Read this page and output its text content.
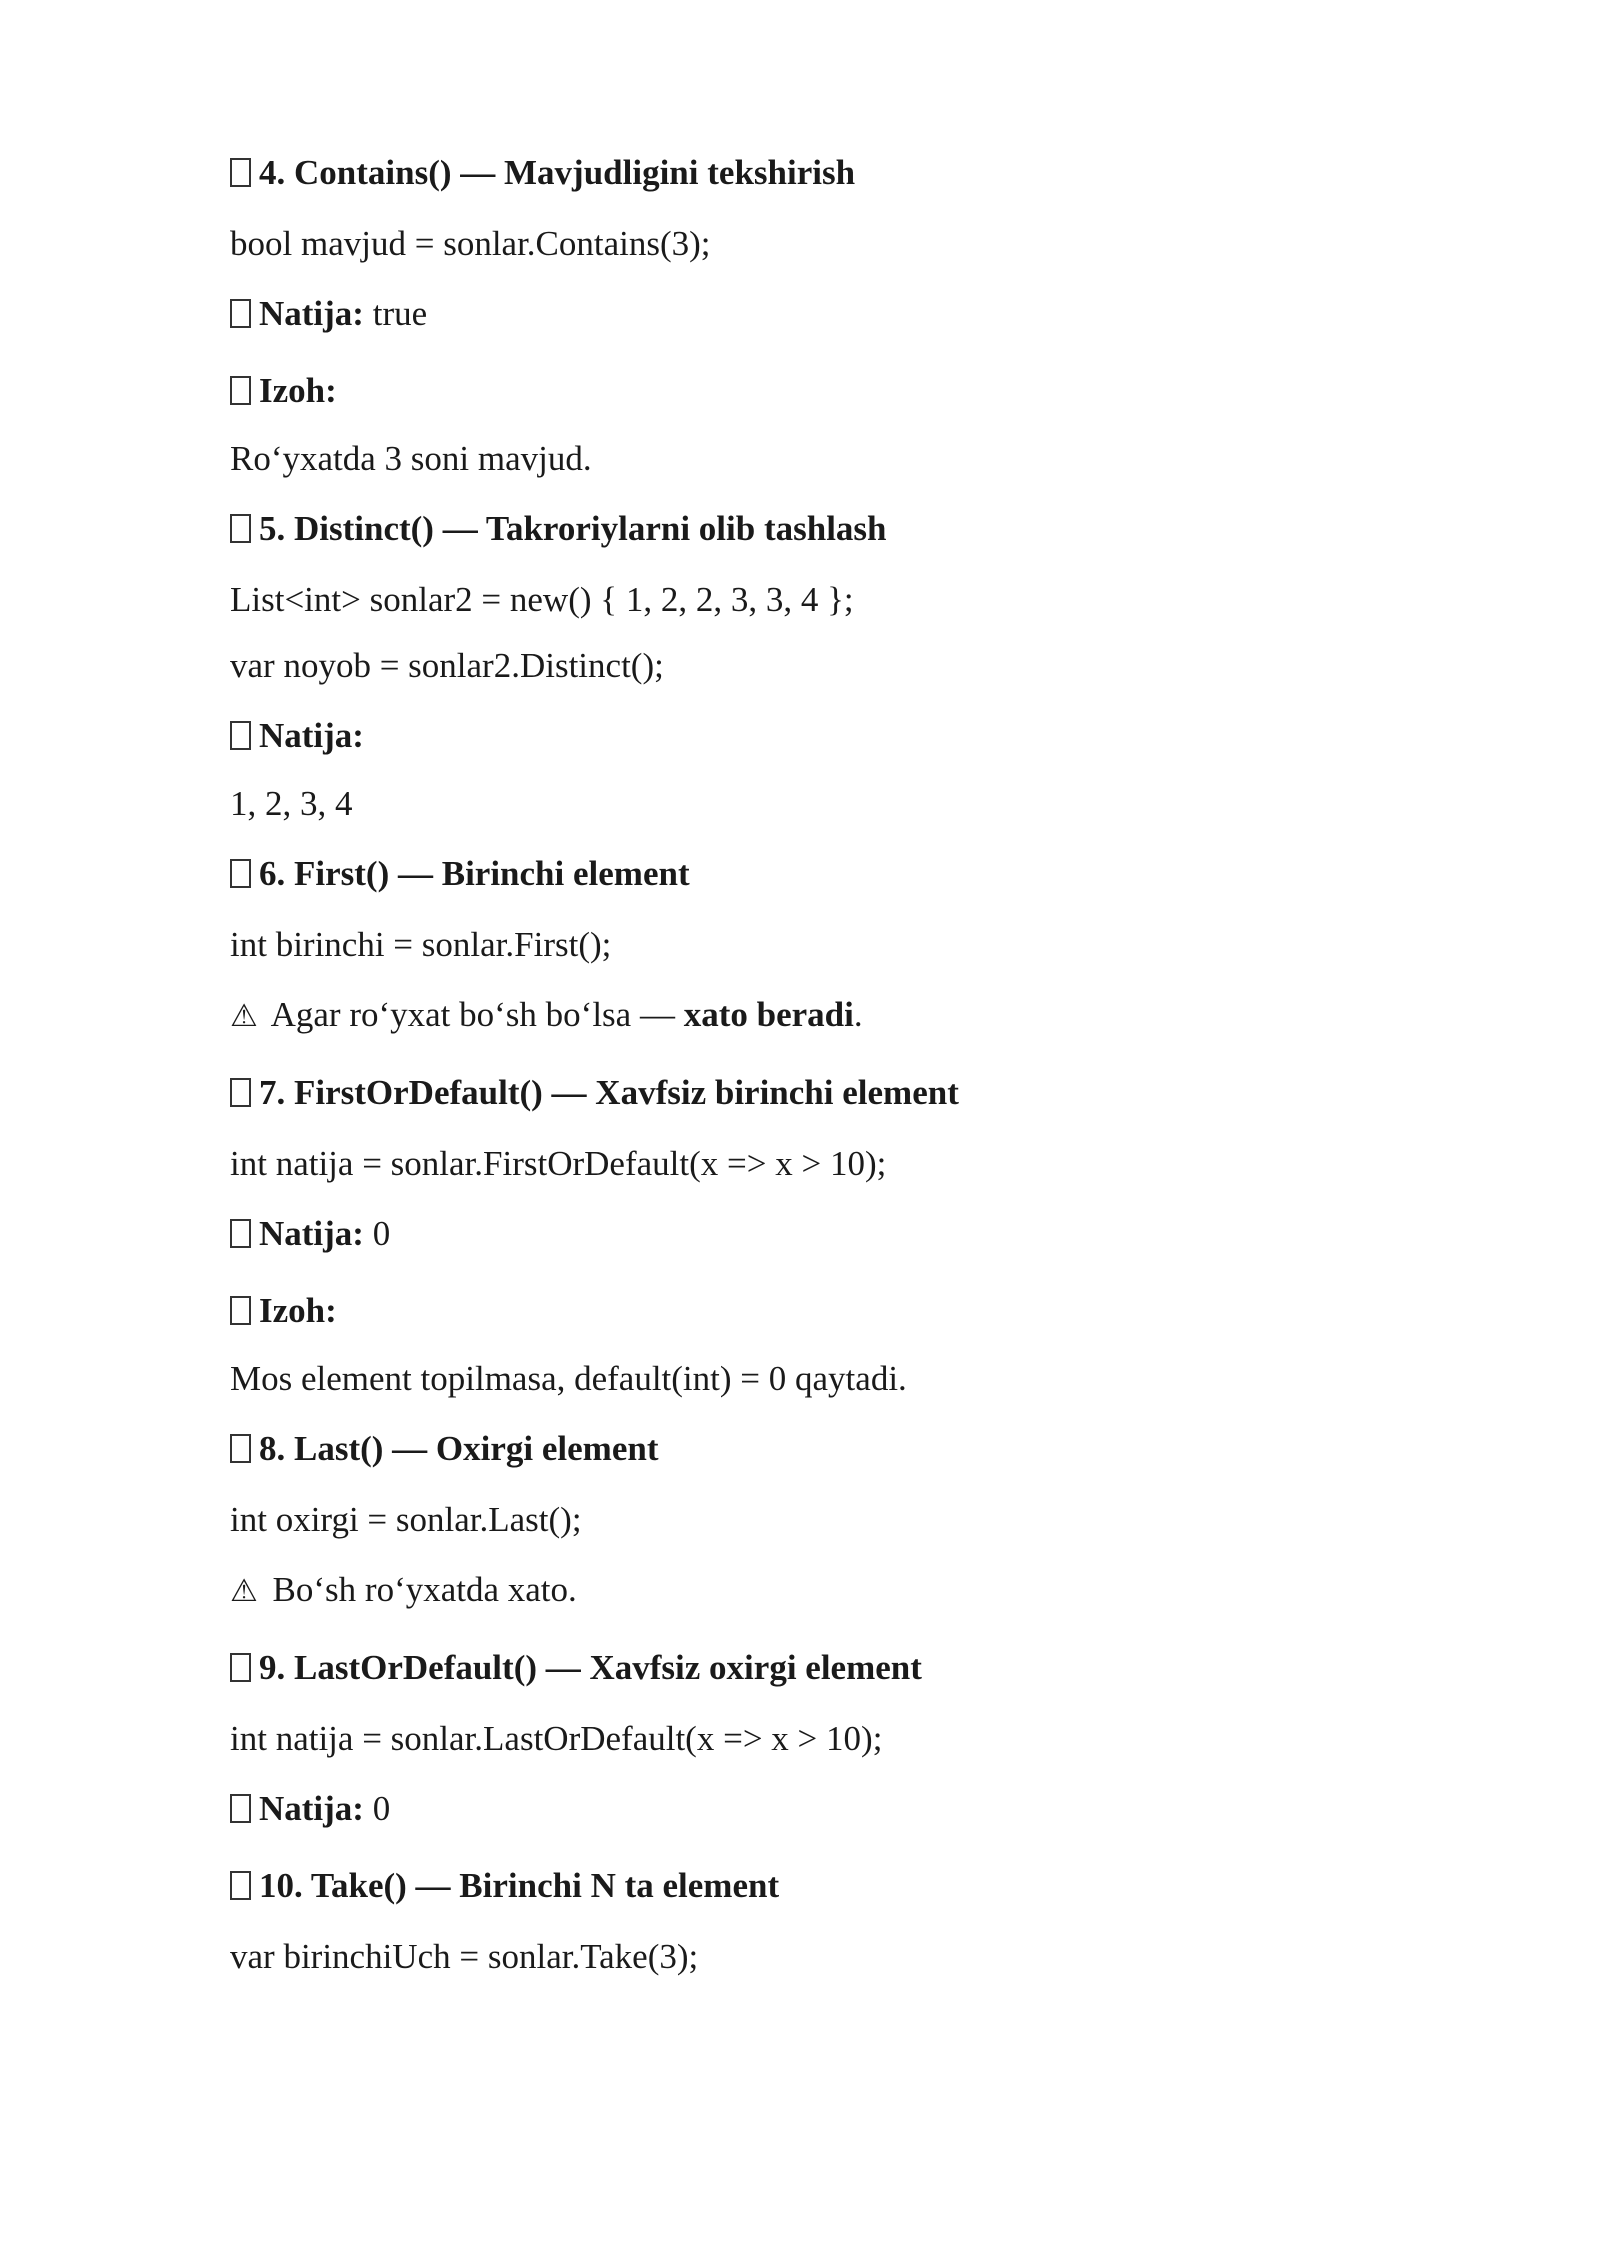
4. Contains() — Mavjudligini tekshirish

bool mavjud = sonlar.Contains(3);

Natija: true

Izoh:

Ro‘yxatda 3 soni mavjud.

5. Distinct() — Takroriylarni olib tashlash

List<int> sonlar2 = new() { 1, 2, 2, 3, 3, 4 };

var noyob = sonlar2.Distinct();

Natija:

1, 2, 3, 4

6. First() — Birinchi element

int birinchi = sonlar.First();

⚠ Agar ro‘yxat bo‘sh bo‘lsa — xato beradi.

7. FirstOrDefault() — Xavfsiz birinchi element

int natija = sonlar.FirstOrDefault(x => x > 10);

Natija: 0

Izoh:

Mos element topilmasa, default(int) = 0 qaytadi.

8. Last() — Oxirgi element

int oxirgi = sonlar.Last();

⚠ Bo‘sh ro‘yxatda xato.

9. LastOrDefault() — Xavfsiz oxirgi element

int natija = sonlar.LastOrDefault(x => x > 10);

Natija: 0

10. Take() — Birinchi N ta element

var birinchiUch = sonlar.Take(3);
